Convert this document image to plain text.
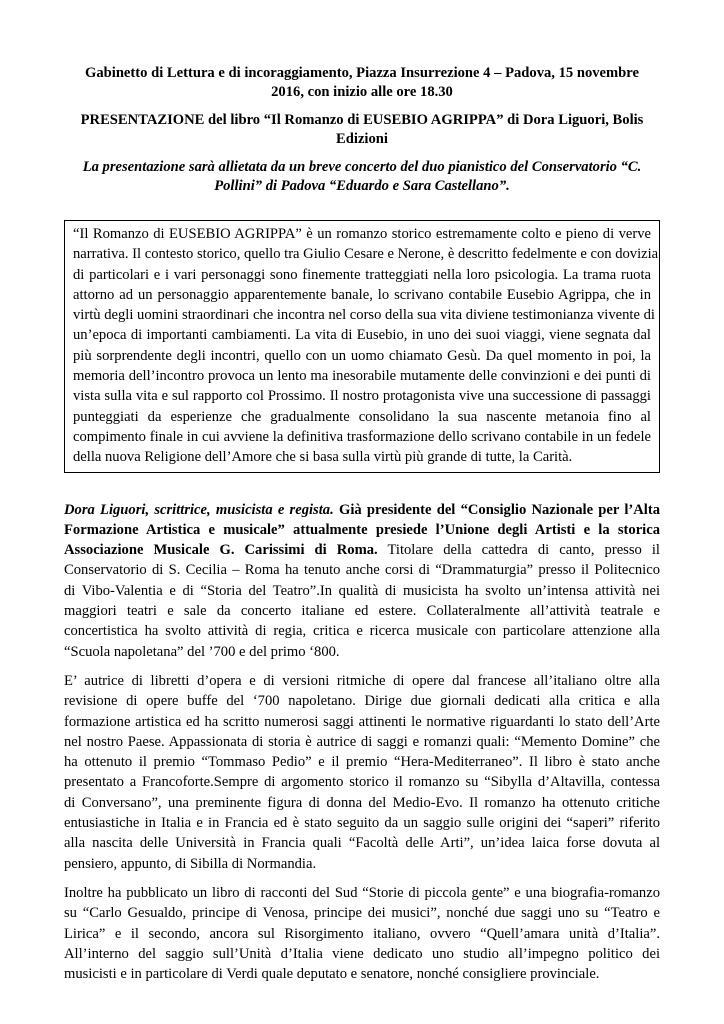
Gabinetto di Lettura e di incoraggiamento, Piazza Insurrezione 4 – Padova, 15 novembre
2016, con inizio alle ore 18.30
PRESENTAZIONE del libro “Il Romanzo di EUSEBIO AGRIPPA” di Dora Liguori, Bolis
Edizioni
La presentazione sarà allietata da un breve concerto del duo pianistico del Conservatorio “C.
Pollini” di Padova “Eduardo e Sara Castellano”.
“Il Romanzo di EUSEBIO AGRIPPA” è un romanzo storico estremamente colto e pieno di verve
narrativa. Il contesto storico, quello tra Giulio Cesare e Nerone, è descritto fedelmente e con dovizia
di particolari e i vari personaggi sono finemente tratteggiati nella loro psicologia. La trama ruota
attorno ad un personaggio apparentemente banale, lo scrivano contabile Eusebio Agrippa, che in
virtù degli uomini straordinari che incontra nel corso della sua vita diviene testimonianza vivente di
un’epoca di importanti cambiamenti. La vita di Eusebio, in uno dei suoi viaggi, viene segnata dal
più sorprendente degli incontri, quello con un uomo chiamato Gesù. Da quel momento in poi, la
memoria dell’incontro provoca un lento ma inesorabile mutamente delle convinzioni e dei punti di
vista sulla vita e sul rapporto col Prossimo. Il nostro protagonista vive una successione di passaggi
punteggiati da esperienze che gradualmente consolidano la sua nascente metanoia fino al
compimento finale in cui avviene la definitiva trasformazione dello scrivano contabile in un fedele
della nuova Religione dell’Amore che si basa sulla virtù più grande di tutte, la Carità.
Dora Liguori, scrittrice, musicista e regista. Già presidente del “Consiglio Nazionale per l’Alta
Formazione Artistica e musicale” attualmente presiede l’Unione degli Artisti e la storica
Associazione Musicale G. Carissimi di Roma. Titolare della cattedra di canto, presso il
Conservatorio di S. Cecilia – Roma ha tenuto anche corsi di “Drammaturgia” presso il Politecnico
di Vibo-Valentia e di “Storia del Teatro”.In qualità di musicista ha svolto un’intensa attività nei
maggiori teatri e sale da concerto italiane ed estere. Collateralmente all’attività teatrale e
concertistica ha svolto attività di regia, critica e ricerca musicale con particolare attenzione alla
“Scuola napoletana” del ’700 e del primo ‘800.
E’ autrice di libretti d’opera e di versioni ritmiche di opere dal francese all’italiano oltre alla
revisione di opere buffe del ‘700 napoletano. Dirige due giornali dedicati alla critica e alla
formazione artistica ed ha scritto numerosi saggi attinenti le normative riguardanti lo stato dell’Arte
nel nostro Paese. Appassionata di storia è autrice di saggi e romanzi quali: “Memento Domine” che
ha ottenuto il premio “Tommaso Pedio” e il premio “Hera-Mediterraneo”. Il libro è stato anche
presentato a Francoforte.Sempre di argomento storico il romanzo su “Sibylla d’Altavilla, contessa
di Conversano”, una preminente figura di donna del Medio-Evo. Il romanzo ha ottenuto critiche
entusiastiche in Italia e in Francia ed è stato seguito da un saggio sulle origini dei “saperi” riferito
alla nascita delle Università in Francia quali “Facoltà delle Arti”, un’idea laica forse dovuta al
pensiero, appunto, di Sibilla di Normandia.
Inoltre ha pubblicato un libro di racconti del Sud “Storie di piccola gente” e una biografia-romanzo
su “Carlo Gesualdo, principe di Venosa, principe dei musici”, nonché due saggi uno su “Teatro e
Lirica” e il secondo, ancora sul Risorgimento italiano, ovvero “Quell’amara unità d’Italia”.
All’interno del saggio sull’Unità d’Italia viene dedicato uno studio all’impegno politico dei
musicisti e in particolare di Verdi quale deputato e senatore, nonché consigliere provinciale.
